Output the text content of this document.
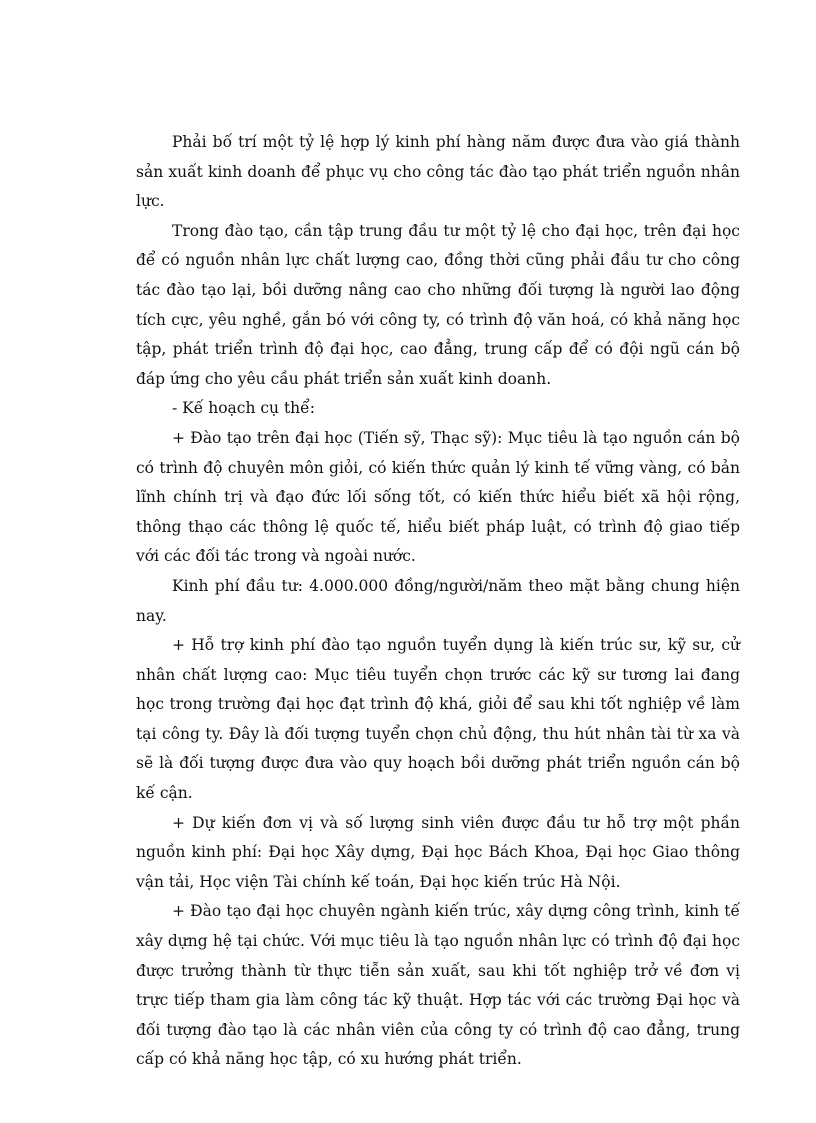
Phải bố trí một tỷ lệ hợp lý kinh phí hàng năm được đưa vào giá thành sản xuất kinh doanh để phục vụ cho công tác đào tạo phát triển nguồn nhân lực.

Trong đào tạo, cần tập trung đầu tư một tỷ lệ cho đại học, trên đại học để có nguồn nhân lực chất lượng cao, đồng thời cũng phải đầu tư cho công tác đào tạo lại, bồi dưỡng nâng cao cho những đối tượng là người lao động tích cực, yêu nghề, gắn bó với công ty, có trình độ văn hoá, có khả năng học tập, phát triển trình độ đại học, cao đẳng, trung cấp để có đội ngũ cán bộ đáp ứng cho yêu cầu phát triển sản xuất kinh doanh.

- Kế hoạch cụ thể:

+ Đào tạo trên đại học (Tiến sỹ, Thạc sỹ): Mục tiêu là tạo nguồn cán bộ có trình độ chuyên môn giỏi, có kiến thức quản lý kinh tế vững vàng, có bản lĩnh chính trị và đạo đức lối sống tốt, có kiến thức hiểu biết xã hội rộng, thông thạo các thông lệ quốc tế, hiểu biết pháp luật, có trình độ giao tiếp với các đối tác trong và ngoài nước.

Kinh phí đầu tư: 4.000.000 đồng/người/năm theo mặt bằng chung hiện nay.

+ Hỗ trợ kinh phí đào tạo nguồn tuyển dụng là kiến trúc sư, kỹ sư, cử nhân chất lượng cao: Mục tiêu tuyển chọn trước các kỹ sư tương lai đang học trong trường đại học đạt trình độ khá, giỏi để sau khi tốt nghiệp về làm tại công ty. Đây là đối tượng tuyển chọn chủ động, thu hút nhân tài từ xa và sẽ là đối tượng được đưa vào quy hoạch bồi dưỡng phát triển nguồn cán bộ kế cận.

+ Dự kiến đơn vị và số lượng sinh viên được đầu tư hỗ trợ một phần nguồn kinh phí: Đại học Xây dựng, Đại học Bách Khoa, Đại học Giao thông vận tải, Học viện Tài chính kế toán, Đại học kiến trúc Hà Nội.

+ Đào tạo đại học chuyên ngành kiến trúc, xây dựng công trình, kinh tế xây dựng hệ tại chức. Với mục tiêu là tạo nguồn nhân lực có trình độ đại học được trưởng thành từ thực tiễn sản xuất, sau khi tốt nghiệp trở về đơn vị trực tiếp tham gia làm công tác kỹ thuật. Hợp tác với các trường Đại học và đối tượng đào tạo là các nhân viên của công ty có trình độ cao đẳng, trung cấp có khả năng học tập, có xu hướng phát triển.
